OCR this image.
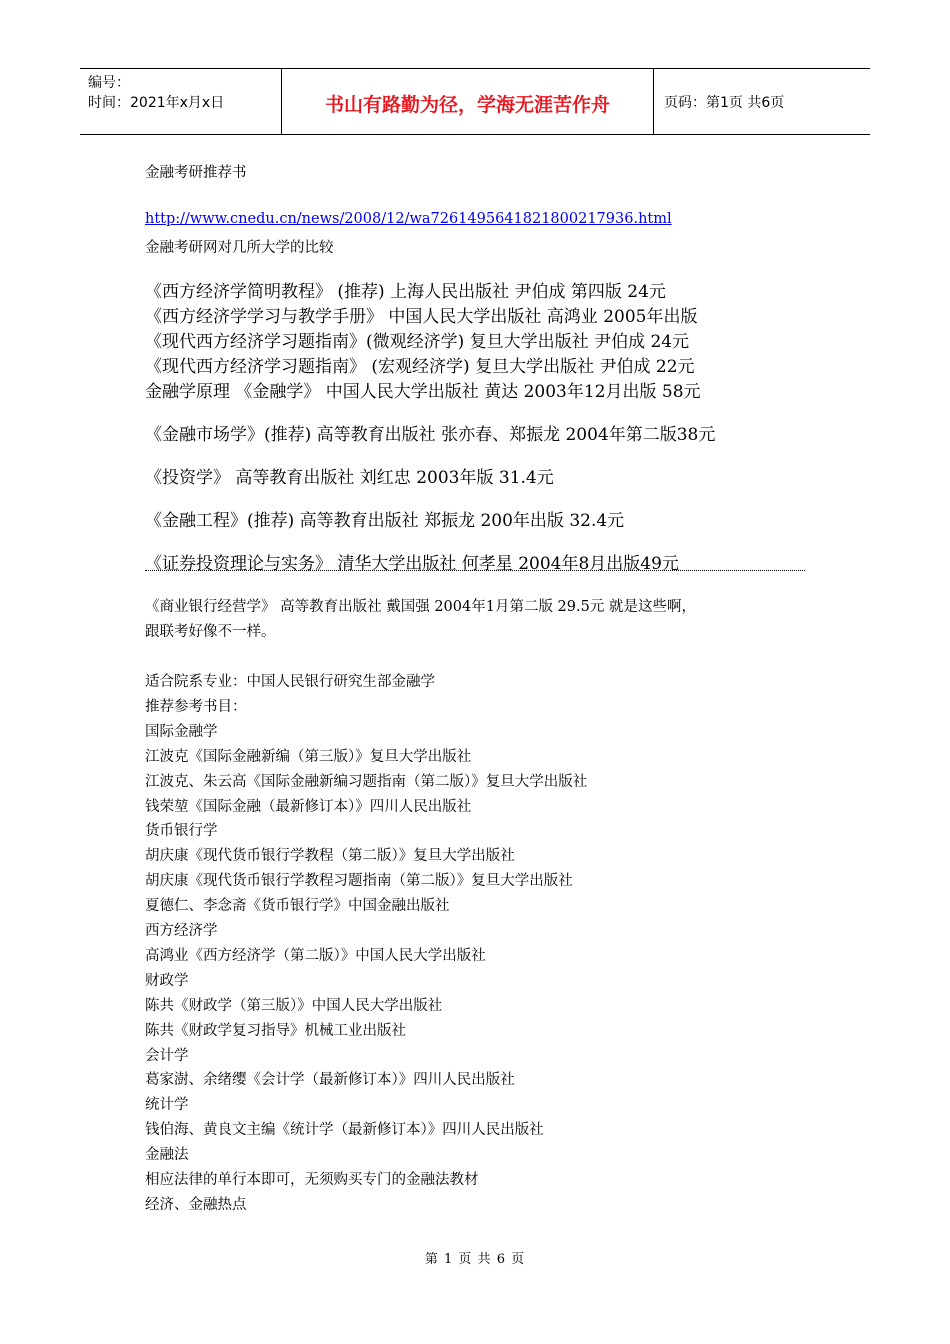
编号：
时间：2021年x月x日	书山有路勤为径，学海无涯苦作舟	页码：第1页 共6页
金融考研推荐书
http://www.cnedu.cn/news/2008/12/wa7261495641821800217936.html
金融考研网对几所大学的比较
《西方经济学简明教程》 (推荐) 上海人民出版社 尹伯成 第四版 24元
《西方经济学学习与教学手册》 中国人民大学出版社 高鸿业 2005年出版
《现代西方经济学习题指南》(微观经济学) 复旦大学出版社 尹伯成 24元
《现代西方经济学习题指南》 (宏观经济学) 复旦大学出版社 尹伯成 22元
金融学原理 《金融学》 中国人民大学出版社 黄达 2003年12月出版 58元
《金融市场学》(推荐) 高等教育出版社 张亦春、郑振龙 2004年第二版38元
《投资学》 高等教育出版社 刘红忠 2003年版 31.4元
《金融工程》(推荐) 高等教育出版社 郑振龙 200年出版 32.4元
《证券投资理论与实务》 清华大学出版社 何孝星 2004年8月出版49元
《商业银行经营学》 高等教育出版社 戴国强 2004年1月第二版 29.5元 就是这些啊，
跟联考好像不一样。
适合院系专业：中国人民银行研究生部金融学
推荐参考书目：
国际金融学
江波克《国际金融新编（第三版）》复旦大学出版社
江波克、朱云高《国际金融新编习题指南（第二版）》复旦大学出版社
钱荣堃《国际金融（最新修订本）》四川人民出版社
货币银行学
胡庆康《现代货币银行学教程（第二版）》复旦大学出版社
胡庆康《现代货币银行学教程习题指南（第二版）》复旦大学出版社
夏德仁、李念斋《货币银行学》中国金融出版社
西方经济学
高鸿业《西方经济学（第二版）》中国人民大学出版社
财政学
陈共《财政学（第三版）》中国人民大学出版社
陈共《财政学复习指导》机械工业出版社
会计学
葛家澍、余绪缨《会计学（最新修订本）》四川人民出版社
统计学
钱伯海、黄良文主编《统计学（最新修订本）》四川人民出版社
金融法
相应法律的单行本即可，无须购买专门的金融法教材
经济、金融热点
第 1 页 共 6 页
